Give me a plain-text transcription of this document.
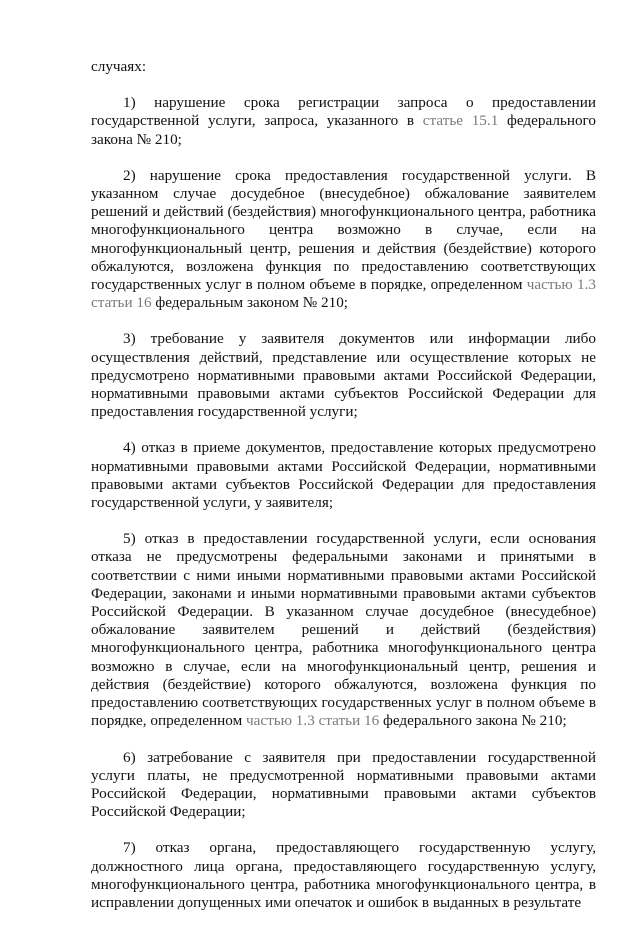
случаях:

1) нарушение срока регистрации запроса о предоставлении государственной услуги, запроса, указанного в статье 15.1 федерального закона № 210;

2) нарушение срока предоставления государственной услуги. В указанном случае досудебное (внесудебное) обжалование заявителем решений и действий (бездействия) многофункционального центра, работника многофункционального центра возможно в случае, если на многофункциональный центр, решения и действия (бездействие) которого обжалуются, возложена функция по предоставлению соответствующих государственных услуг в полном объеме в порядке, определенном частью 1.3 статьи 16 федеральным законом № 210;

3) требование у заявителя документов или информации либо осуществления действий, представление или осуществление которых не предусмотрено нормативными правовыми актами Российской Федерации, нормативными правовыми актами субъектов Российской Федерации для предоставления государственной услуги;

4) отказ в приеме документов, предоставление которых предусмотрено нормативными правовыми актами Российской Федерации, нормативными правовыми актами субъектов Российской Федерации для предоставления государственной услуги, у заявителя;

5) отказ в предоставлении государственной услуги, если основания отказа не предусмотрены федеральными законами и принятыми в соответствии с ними иными нормативными правовыми актами Российской Федерации, законами и иными нормативными правовыми актами субъектов Российской Федерации. В указанном случае досудебное (внесудебное) обжалование заявителем решений и действий (бездействия) многофункционального центра, работника многофункционального центра возможно в случае, если на многофункциональный центр, решения и действия (бездействие) которого обжалуются, возложена функция по предоставлению соответствующих государственных услуг в полном объеме в порядке, определенном частью 1.3 статьи 16 федерального закона № 210;

6) затребование с заявителя при предоставлении государственной услуги платы, не предусмотренной нормативными правовыми актами Российской Федерации, нормативными правовыми актами субъектов Российской Федерации;

7) отказ органа, предоставляющего государственную услугу, должностного лица органа, предоставляющего государственную услугу, многофункционального центра, работника многофункционального центра, в исправлении допущенных ими опечаток и ошибок в выданных в результате
